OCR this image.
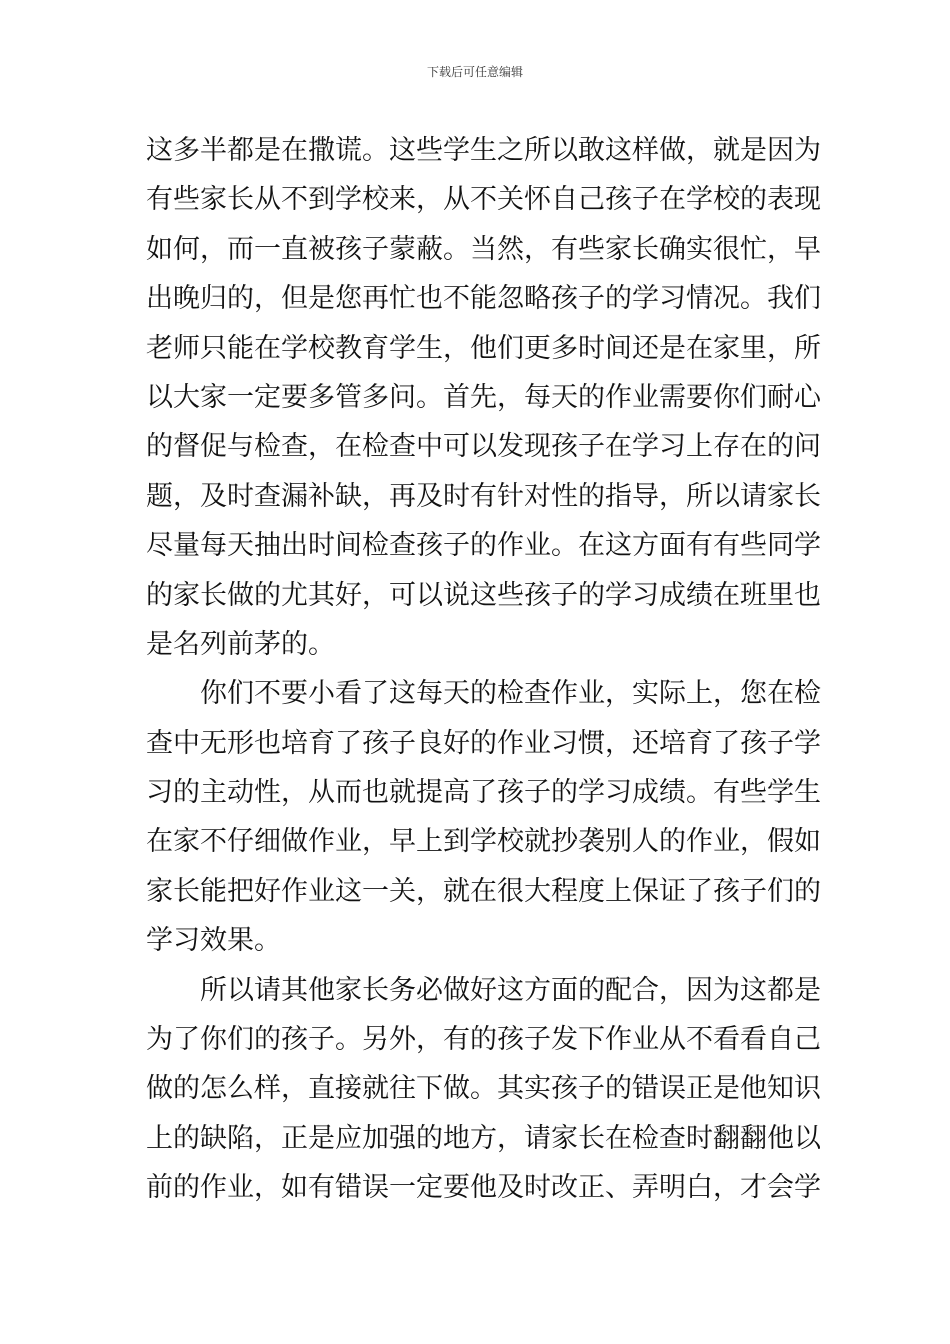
下载后可任意编辑
这多半都是在撒谎。这些学生之所以敢这样做，就是因为
有些家长从不到学校来，从不关怀自己孩子在学校的表现
如何，而一直被孩子蒙蔽。当然，有些家长确实很忙，早
出晚归的，但是您再忙也不能忽略孩子的学习情况。我们
老师只能在学校教育学生，他们更多时间还是在家里，所
以大家一定要多管多问。首先，每天的作业需要你们耐心
的督促与检查，在检查中可以发现孩子在学习上存在的问
题，及时查漏补缺，再及时有针对性的指导，所以请家长
尽量每天抽出时间检查孩子的作业。在这方面有有些同学
的家长做的尤其好，可以说这些孩子的学习成绩在班里也
是名列前茅的。
你们不要小看了这每天的检查作业，实际上，您在检
查中无形也培育了孩子良好的作业习惯，还培育了孩子学
习的主动性，从而也就提高了孩子的学习成绩。有些学生
在家不仔细做作业，早上到学校就抄袭别人的作业，假如
家长能把好作业这一关，就在很大程度上保证了孩子们的
学习效果。
所以请其他家长务必做好这方面的配合，因为这都是
为了你们的孩子。另外，有的孩子发下作业从不看看自己
做的怎么样，直接就往下做。其实孩子的错误正是他知识
上的缺陷，正是应加强的地方，请家长在检查时翻翻他以
前的作业，如有错误一定要他及时改正、弄明白，才会学
